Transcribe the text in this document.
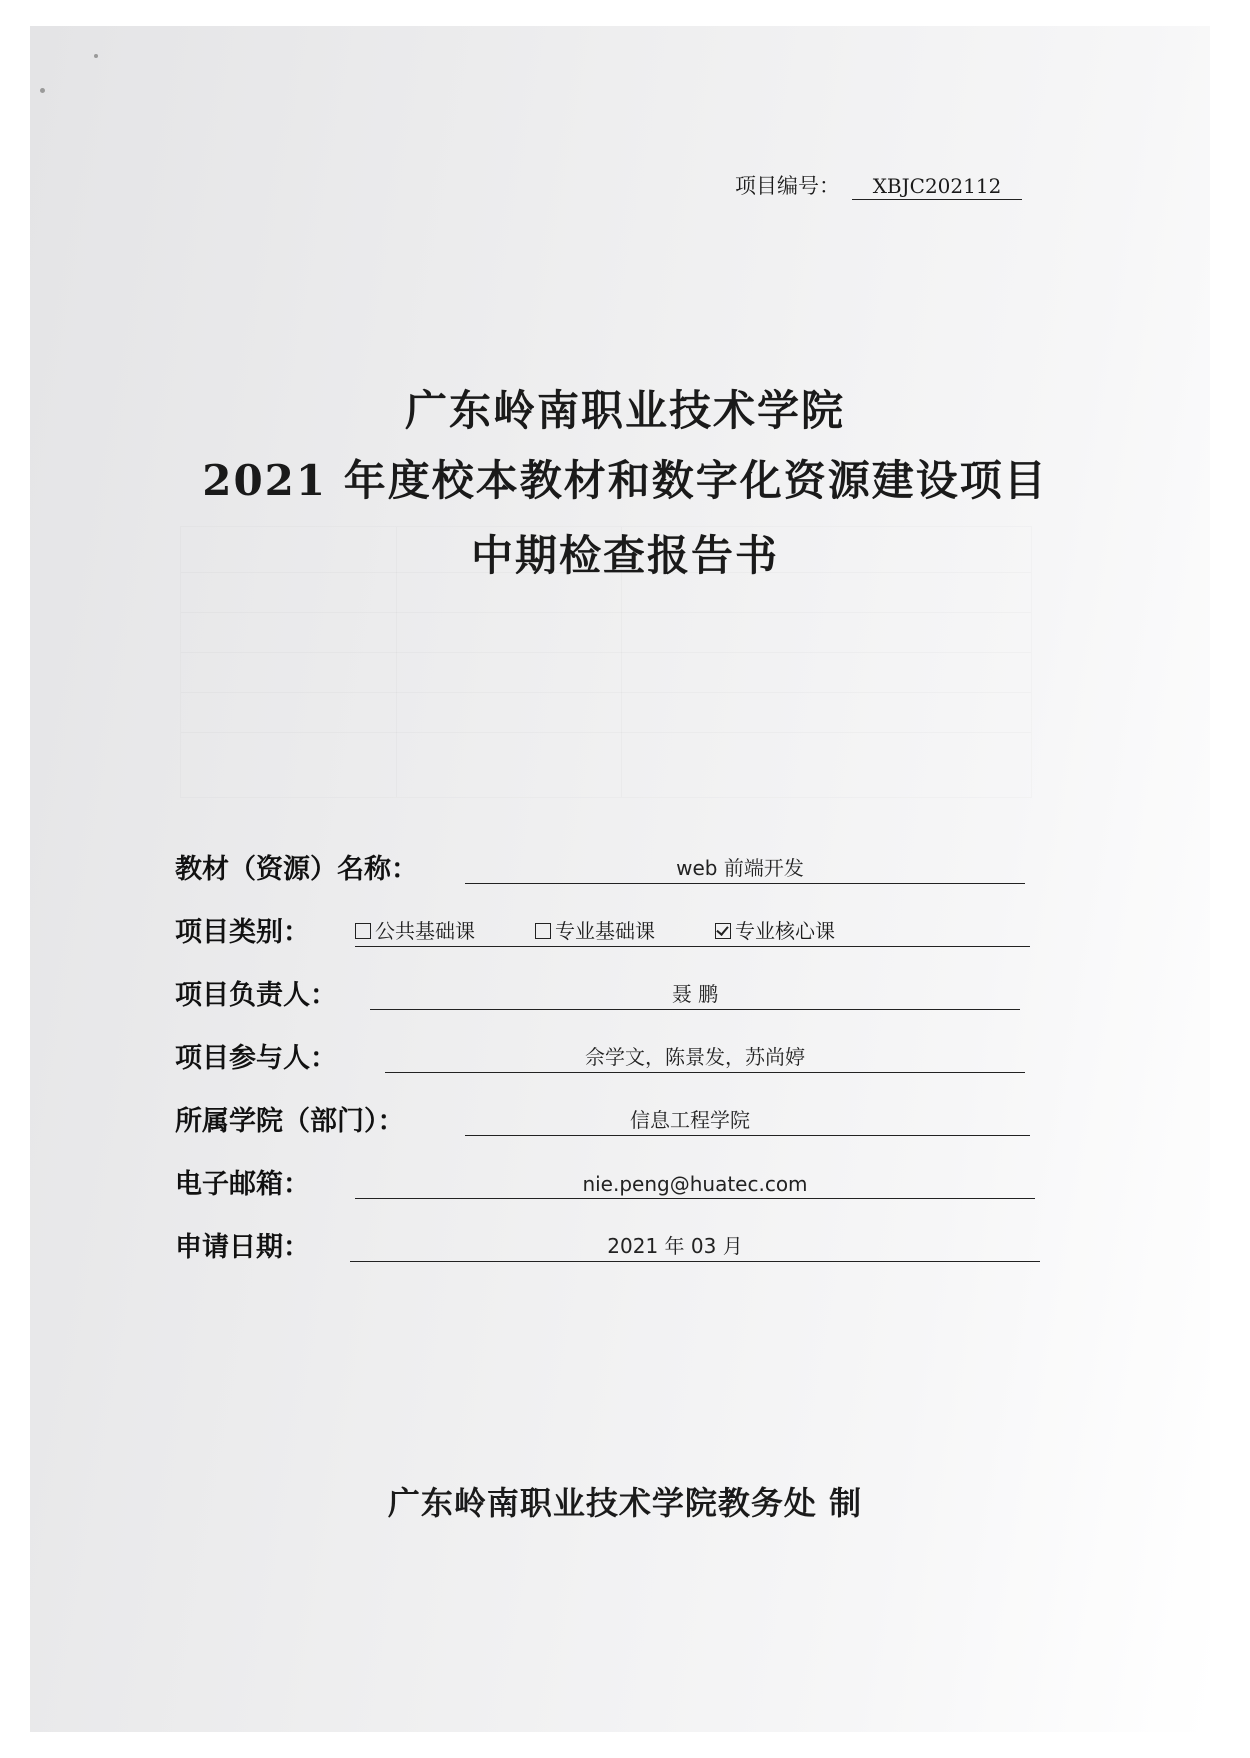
项目编号：	XBJC202112
广东岭南职业技术学院
2021 年度校本教材和数字化资源建设项目
中期检查报告书
教材（资源）名称：	web 前端开发
项目类别：	公共基础课	专业基础课	专业核心课
项目负责人：	聂 鹏
项目参与人：	佘学文，陈景发，苏尚婷
所属学院（部门）：	信息工程学院
电子邮箱：	nie.peng@huatec.com
申请日期：	2021 年 03 月
广东岭南职业技术学院教务处 制
